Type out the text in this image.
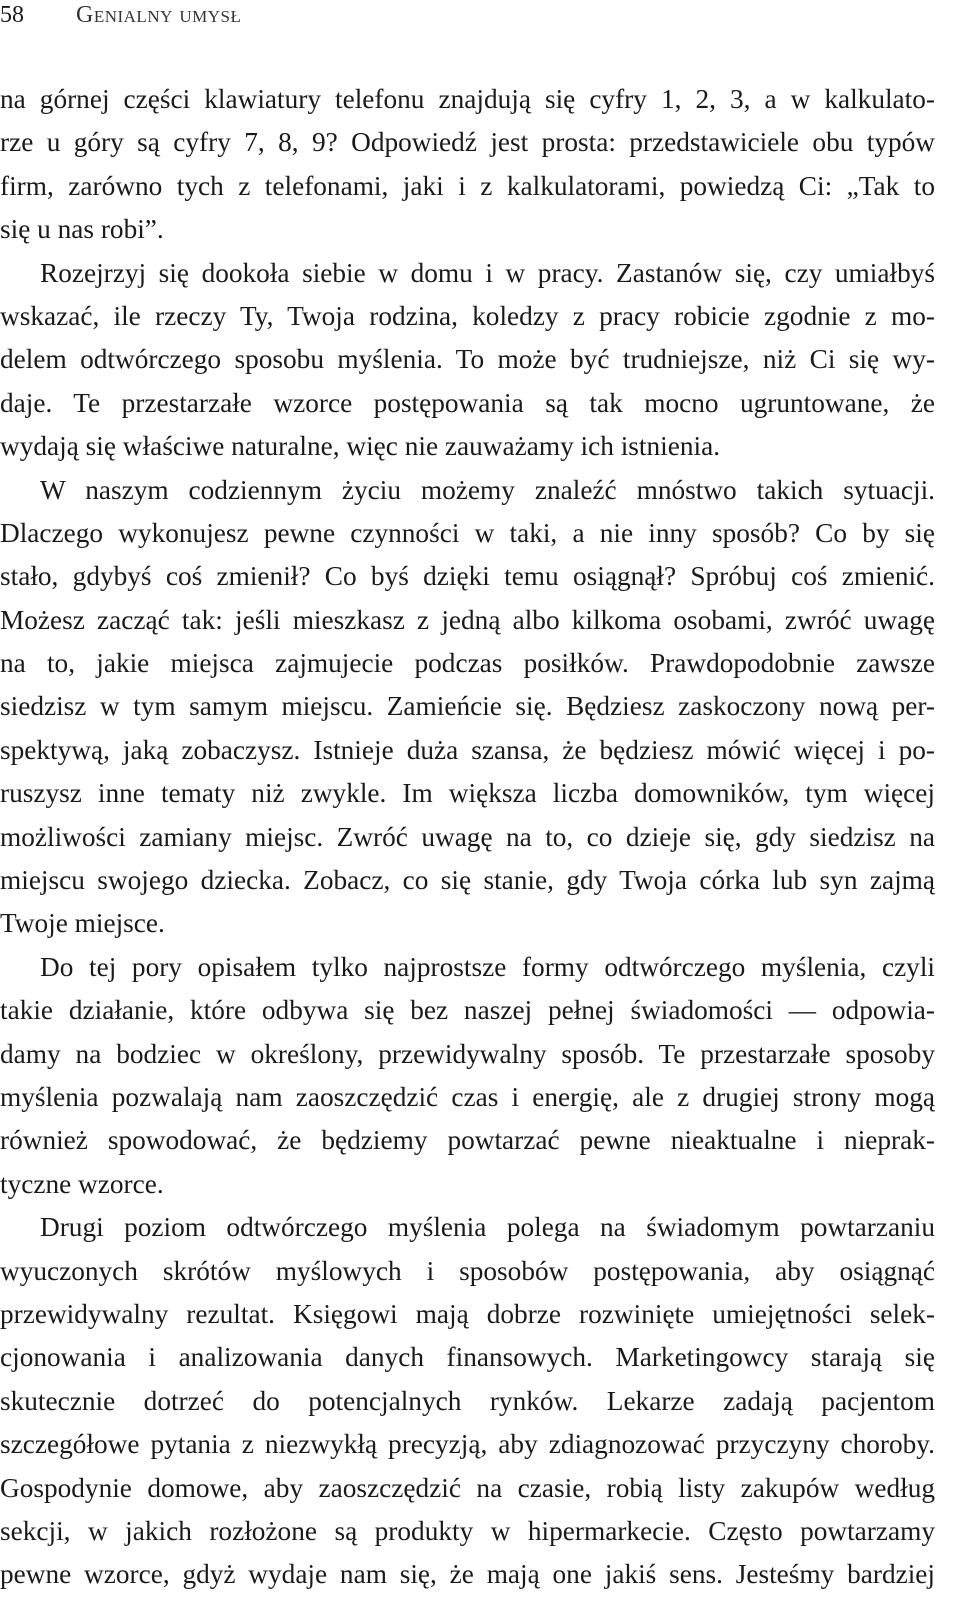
58 Genialny umysł
na górnej części klawiatury telefonu znajdują się cyfry 1, 2, 3, a w kalkulato-
rze u góry są cyfry 7, 8, 9? Odpowiedź jest prosta: przedstawiciele obu typów
firm, zarówno tych z telefonami, jaki i z kalkulatorami, powiedzą Ci: „Tak to
się u nas robi”.
Rozejrzyj się dookoła siebie w domu i w pracy. Zastanów się, czy umiałbyś
wskazać, ile rzeczy Ty, Twoja rodzina, koledzy z pracy robicie zgodnie z mo-
delem odtwórczego sposobu myślenia. To może być trudniejsze, niż Ci się wy-
daje. Te przestarzałe wzorce postępowania są tak mocno ugruntowane, że
wydają się właściwe naturalne, więc nie zauważamy ich istnienia.
W naszym codziennym życiu możemy znaleźć mnóstwo takich sytuacji.
Dlaczego wykonujesz pewne czynności w taki, a nie inny sposób? Co by się
stało, gdybyś coś zmienił? Co byś dzięki temu osiągnął? Spróbuj coś zmienić.
Możesz zacząć tak: jeśli mieszkasz z jedną albo kilkoma osobami, zwróć uwagę
na to, jakie miejsca zajmujecie podczas posiłków. Prawdopodobnie zawsze
siedzisz w tym samym miejscu. Zamieńcie się. Będziesz zaskoczony nową per-
spektywą, jaką zobaczysz. Istnieje duża szansa, że będziesz mówić więcej i po-
ruszysz inne tematy niż zwykle. Im większa liczba domowników, tym więcej
możliwości zamiany miejsc. Zwróć uwagę na to, co dzieje się, gdy siedzisz na
miejscu swojego dziecka. Zobacz, co się stanie, gdy Twoja córka lub syn zajmą
Twoje miejsce.
Do tej pory opisałem tylko najprostsze formy odtwórczego myślenia, czyli
takie działanie, które odbywa się bez naszej pełnej świadomości — odpowia-
damy na bodziec w określony, przewidywalny sposób. Te przestarzałe sposoby
myślenia pozwalają nam zaoszczędzić czas i energię, ale z drugiej strony mogą
również spowodować, że będziemy powtarzać pewne nieaktualne i nieprak-
tyczne wzorce.
Drugi poziom odtwórczego myślenia polega na świadomym powtarzaniu
wyuczonych skrótów myślowych i sposobów postępowania, aby osiągnąć
przewidywalny rezultat. Księgowi mają dobrze rozwinięte umiejętności selek-
cjonowania i analizowania danych finansowych. Marketingowcy starają się
skutecznie dotrzeć do potencjalnych rynków. Lekarze zadają pacjentom
szczegółowe pytania z niezwykłą precyzją, aby zdiagnozować przyczyny choroby.
Gospodynie domowe, aby zaoszczędzić na czasie, robią listy zakupów według
sekcji, w jakich rozłożone są produkty w hipermarkecie. Często powtarzamy
pewne wzorce, gdyż wydaje nam się, że mają one jakiś sens. Jesteśmy bardziej
